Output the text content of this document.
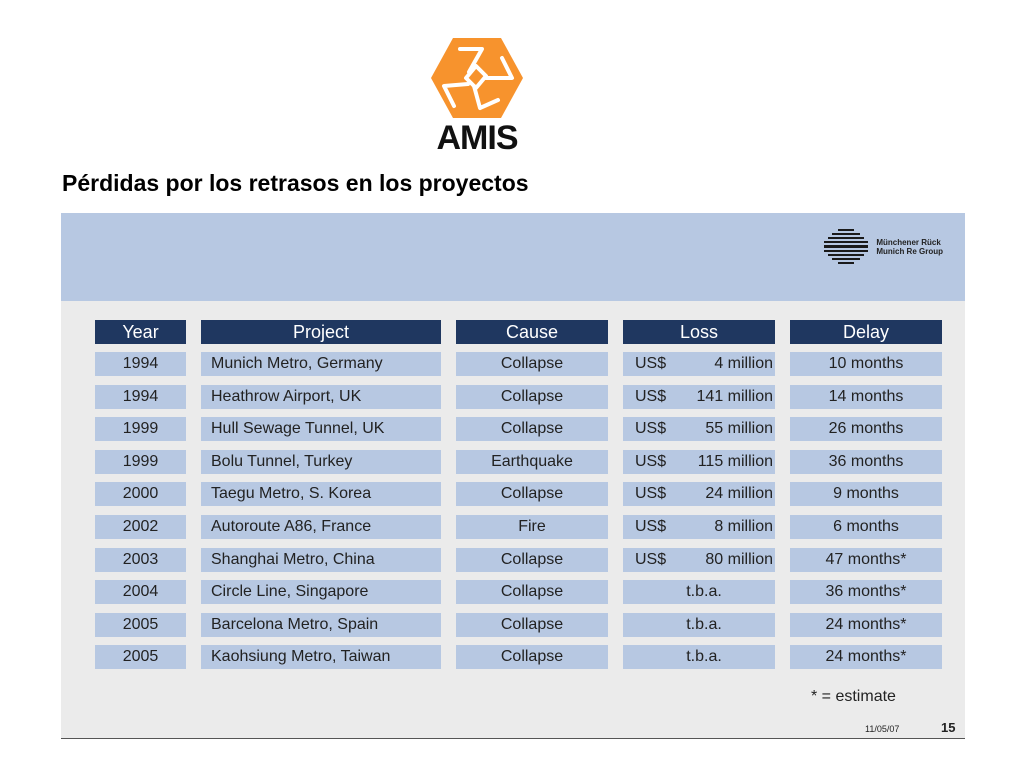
AMIS
Pérdidas por los retrasos en los proyectos
Münchener Rück
Munich Re Group
Year	Project	Cause	Loss	Delay
1994	Munich Metro, Germany	Collapse	US$	4 million	10 months
1994	Heathrow Airport, UK	Collapse	US$	141 million	14 months
1999	Hull Sewage Tunnel, UK	Collapse	US$	55 million	26 months
1999	Bolu Tunnel, Turkey	Earthquake	US$	115 million	36 months
2000	Taegu Metro, S. Korea	Collapse	US$	24 million	9 months
2002	Autoroute A86, France	Fire	US$	8 million	6 months
2003	Shanghai Metro, China	Collapse	US$	80 million	47 months*
2004	Circle Line, Singapore	Collapse	t.b.a.	36 months*
2005	Barcelona Metro, Spain	Collapse	t.b.a.	24 months*
2005	Kaohsiung Metro, Taiwan	Collapse	t.b.a.	24 months*
* = estimate
11/05/07	15
